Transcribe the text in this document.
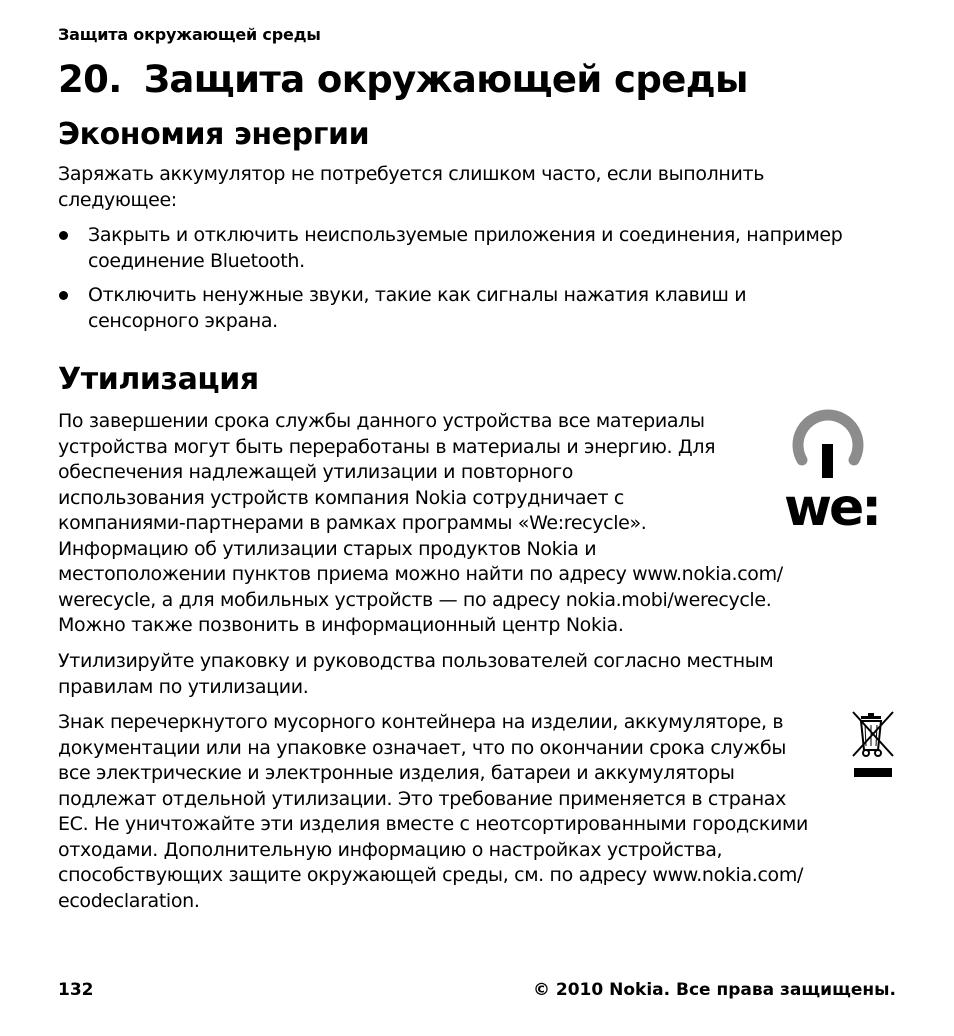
Защита окружающей среды
20. Защита окружающей среды
Экономия энергии

Заряжать аккумулятор не потребуется слишком часто, если выполнить следующее:

Закрыть и отключить неиспользуемые приложения и соединения, например соединение Bluetooth.
Отключить ненужные звуки, такие как сигналы нажатия клавиш и сенсорного экрана.
Утилизация

По завершении срока службы данного устройства все материалы
устройства могут быть переработаны в материалы и энергию. Для
обеспечения надлежащей утилизации и повторного
использования устройств компания Nokia сотрудничает с
компаниями-партнерами в рамках программы «We:recycle».
Информацию об утилизации старых продуктов Nokia и
местоположении пунктов приема можно найти по адресу www.nokia.com/
werecycle, а для мобильных устройств — по адресу nokia.mobi/werecycle.
Можно также позвонить в информационный центр Nokia.

we:

Утилизируйте упаковку и руководства пользователей согласно местным правилам по утилизации.

Знак перечеркнутого мусорного контейнера на изделии, аккумуляторе, в
документации или на упаковке означает, что по окончании срока службы
все электрические и электронные изделия, батареи и аккумуляторы
подлежат отдельной утилизации. Это требование применяется в странах
ЕС. Не уничтожайте эти изделия вместе с неотсортированными городскими
отходами. Дополнительную информацию о настройках устройства,
способствующих защите окружающей среды, см. по адресу www.nokia.com/
ecodeclaration.

132	© 2010 Nokia. Все права защищены.
